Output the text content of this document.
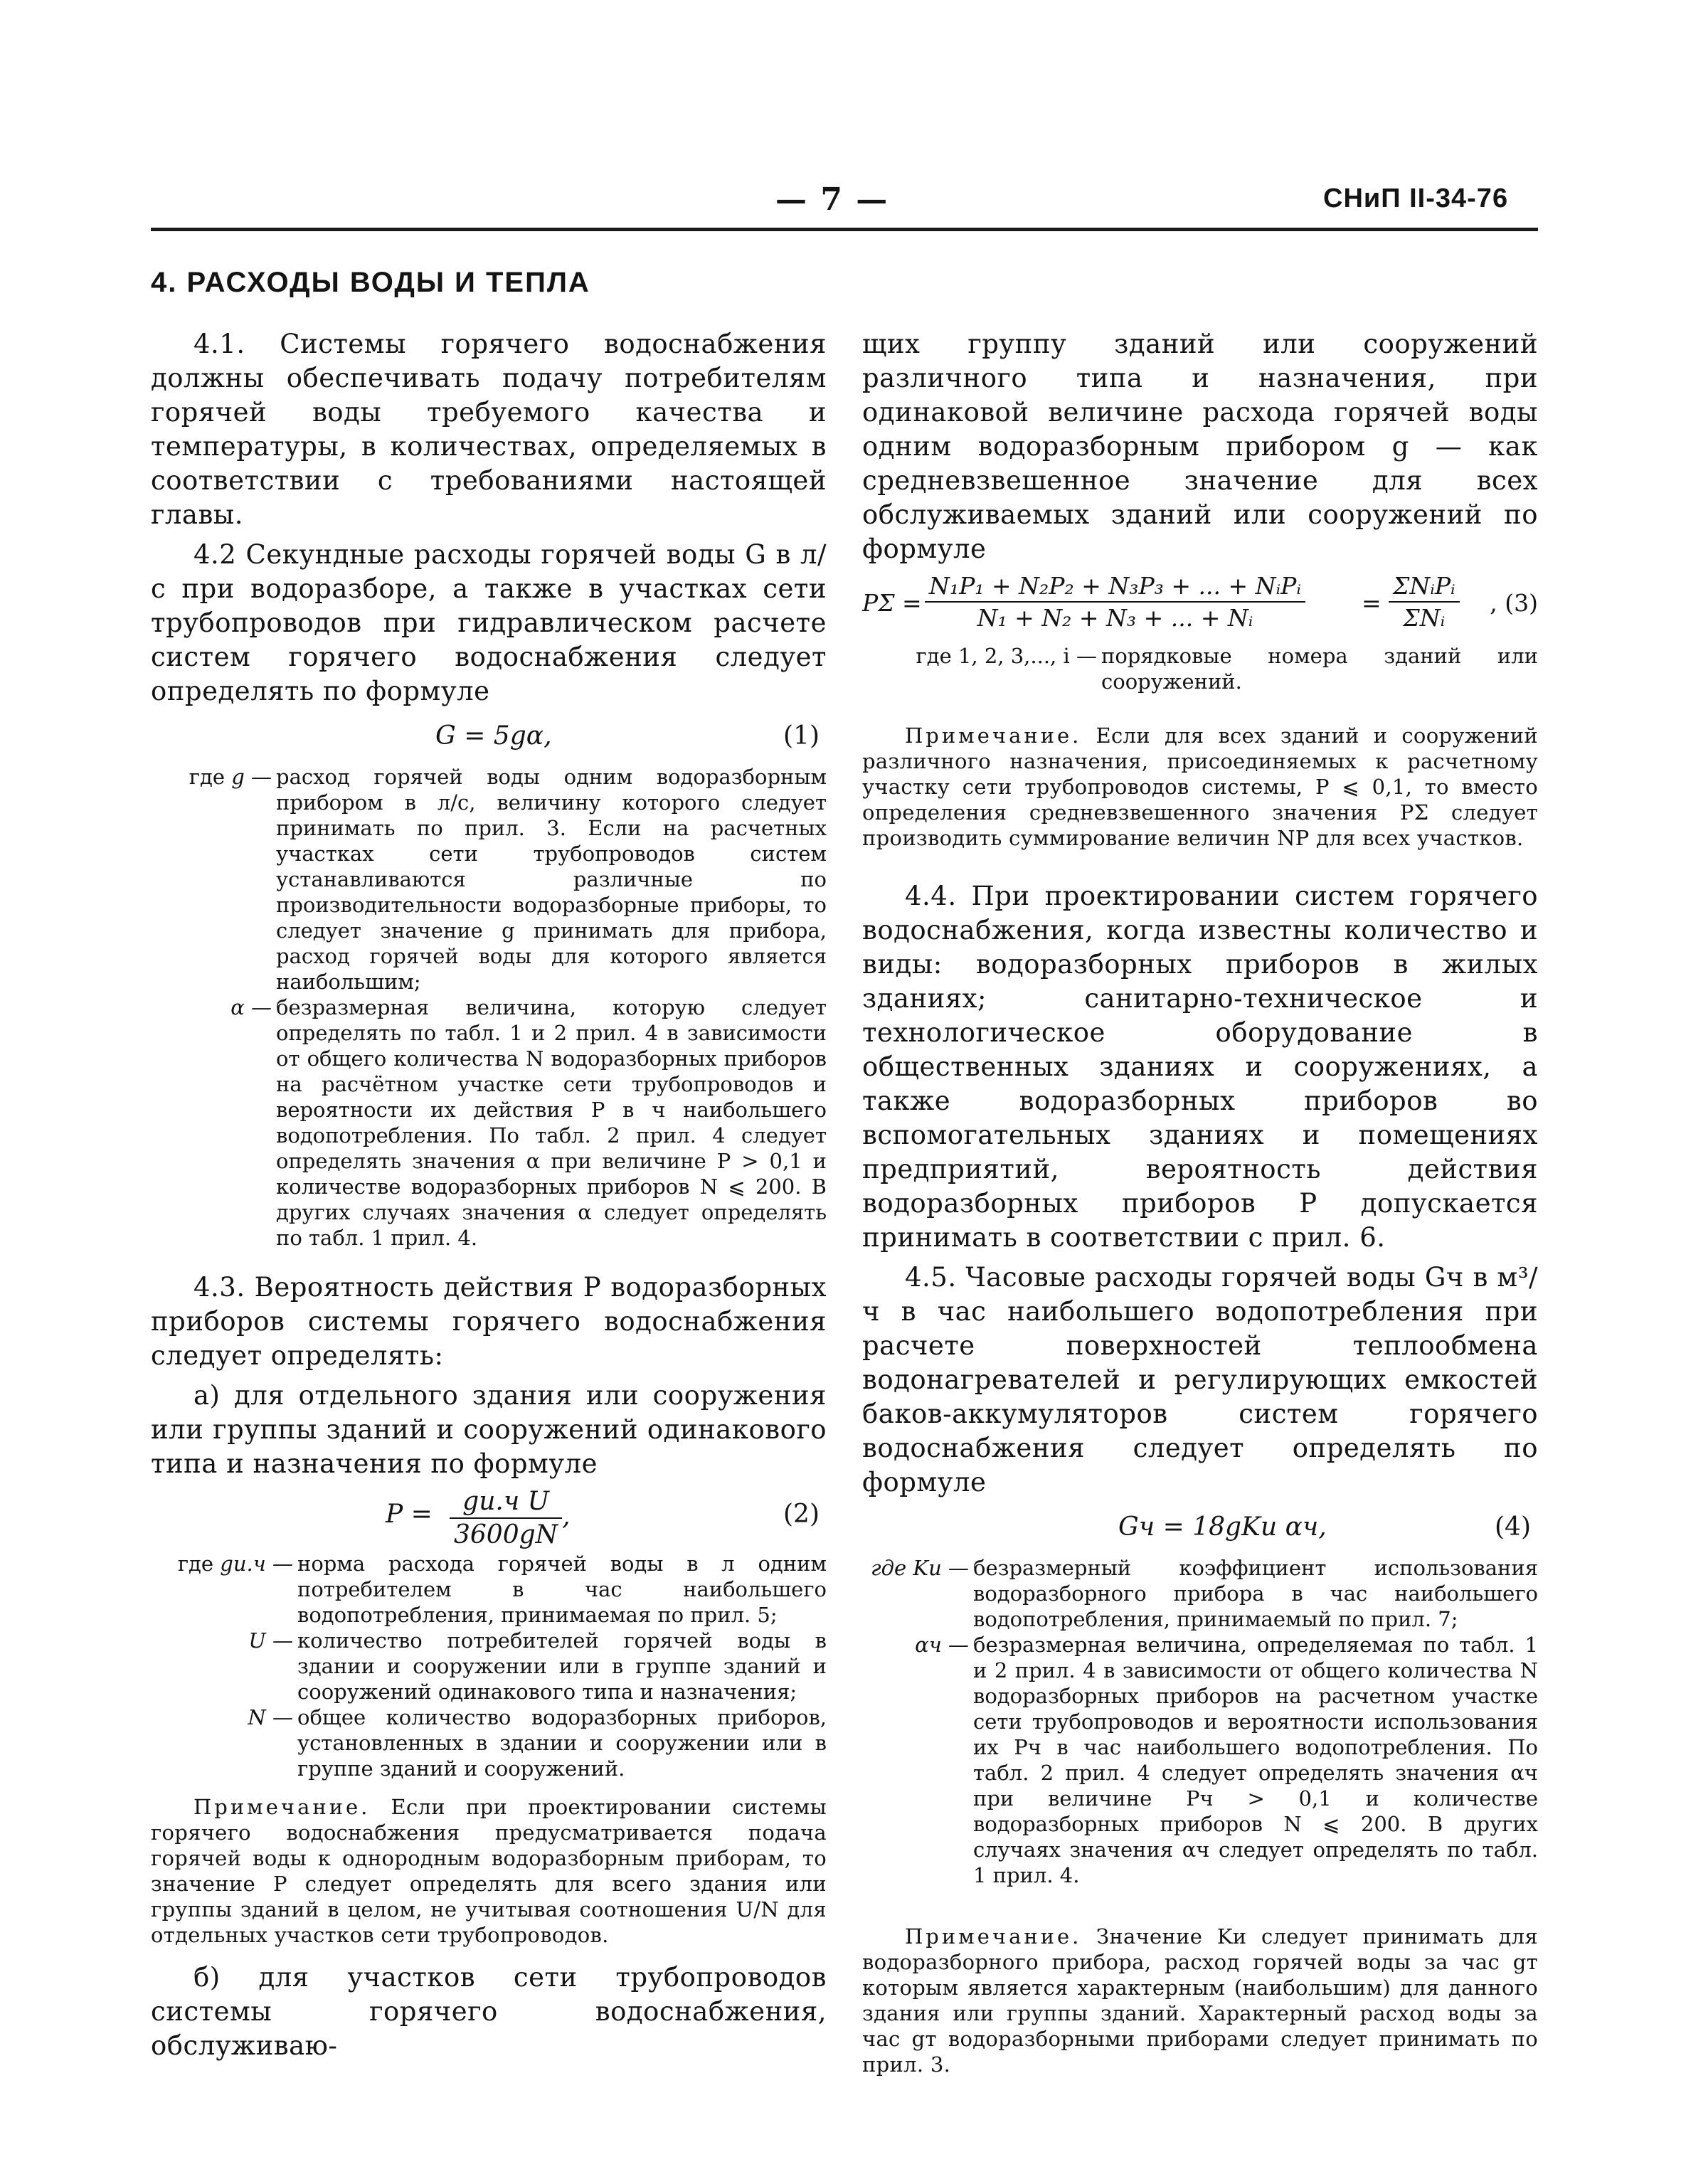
— 7 —	СНиП II-34-76
4. РАСХОДЫ ВОДЫ И ТЕПЛА

4.1. Системы горячего водоснабжения должны обеспечивать подачу потребителям горячей воды требуемого качества и температуры, в количествах, определяемых в соответствии с требованиями настоящей главы.

4.2 Секундные расходы горячей воды G в л/с при водоразборе, а также в участках сети трубопроводов при гидравлическом расчете систем горячего водоснабжения следует определять по формуле

G = 5gα,	(1)
где g —	расход горячей воды одним водоразборным прибором в л/с, величину которого следует принимать по прил. 3. Если на расчетных участках сети трубопроводов систем устанавливаются различные по производительности водоразборные приборы, то следует значение g принимать для прибора, расход горячей воды для которого является наибольшим;
α —	безразмерная величина, которую следует определять по табл. 1 и 2 прил. 4 в зависимости от общего количества N водоразборных приборов на расчётном участке сети трубопроводов и вероятности их действия P в ч наибольшего водопотребления. По табл. 2 прил. 4 следует определять значения α при величине P > 0,1 и количестве водоразборных приборов N ⩽ 200. В других случаях значения α следует определять по табл. 1 прил. 4.

4.3. Вероятность действия P водоразборных приборов системы горячего водоснабжения следует определять:

а) для отдельного здания или сооружения или группы зданий и сооружений одинакового типа и назначения по формуле

$P = \frac{\text{gи.ч U}}{3600gN}$ ,	(2)
где gи.ч —	норма расхода горячей воды в л одним потребителем в час наибольшего водопотребления, принимаемая по прил. 5;
U —	количество потребителей горячей воды в здании и сооружении или в группе зданий и сооружений одинакового типа и назначения;
N —	общее количество водоразборных приборов, установленных в здании и сооружении или в группе зданий и сооружений.

Примечание. Если при проектировании системы горячего водоснабжения предусматривается подача горячей воды к однородным водоразборным приборам, то значение P следует определять для всего здания или группы зданий в целом, не учитывая соотношения U/N для отдельных участков сети трубопроводов.

б) для участков сети трубопроводов системы горячего водоснабжения, обслуживаю-

щих группу зданий или сооружений различного типа и назначения, при одинаковой величине расхода горячей воды одним водоразборным прибором g — как средневзвешенное значение для всех обслуживаемых зданий или сооружений по формуле

$P\Sigma = \frac{\text{N₁P₁ + N₂P₂ + N₃P₃ + ... + NᵢPᵢ}}{\text{N₁ + N₂ + N₃ + ... + Nᵢ}} = \frac{\text{ΣNᵢPᵢ}}{\text{ΣNᵢ}}$ , (3)
где 1, 2, 3,..., i —	порядковые номера зданий или сооружений.

Примечание. Если для всех зданий и сооружений различного назначения, присоединяемых к расчетному участку сети трубопроводов системы, P ⩽ 0,1, то вместо определения средневзвешенного значения PΣ следует производить суммирование величин NP для всех участков.

4.4. При проектировании систем горячего водоснабжения, когда известны количество и виды: водоразборных приборов в жилых зданиях; санитарно-техническое и технологическое оборудование в общественных зданиях и сооружениях, а также водоразборных приборов во вспомогательных зданиях и помещениях предприятий, вероятность действия водоразборных приборов P допускается принимать в соответствии с прил. 6.

4.5. Часовые расходы горячей воды Gч в м³/ч в час наибольшего водопотребления при расчете поверхностей теплообмена водонагревателей и регулирующих емкостей баков-аккумуляторов систем горячего водоснабжения следует определять по формуле

Gч = 18gKи αч,	(4)
где Kи —	безразмерный коэффициент использования водоразборного прибора в час наибольшего водопотребления, принимаемый по прил. 7;
αч —	безразмерная величина, определяемая по табл. 1 и 2 прил. 4 в зависимости от общего количества N водоразборных приборов на расчетном участке сети трубопроводов и вероятности использования их Pч в час наибольшего водопотребления. По табл. 2 прил. 4 следует определять значения αч при величине Pч > 0,1 и количестве водоразборных приборов N ⩽ 200. В других случаях значения αч следует определять по табл. 1 прил. 4.

Примечание. Значение Kи следует принимать для водоразборного прибора, расход горячей воды за час gт которым является характерным (наибольшим) для данного здания или группы зданий. Характерный расход воды за час gт водоразборными приборами следует принимать по прил. 3.
